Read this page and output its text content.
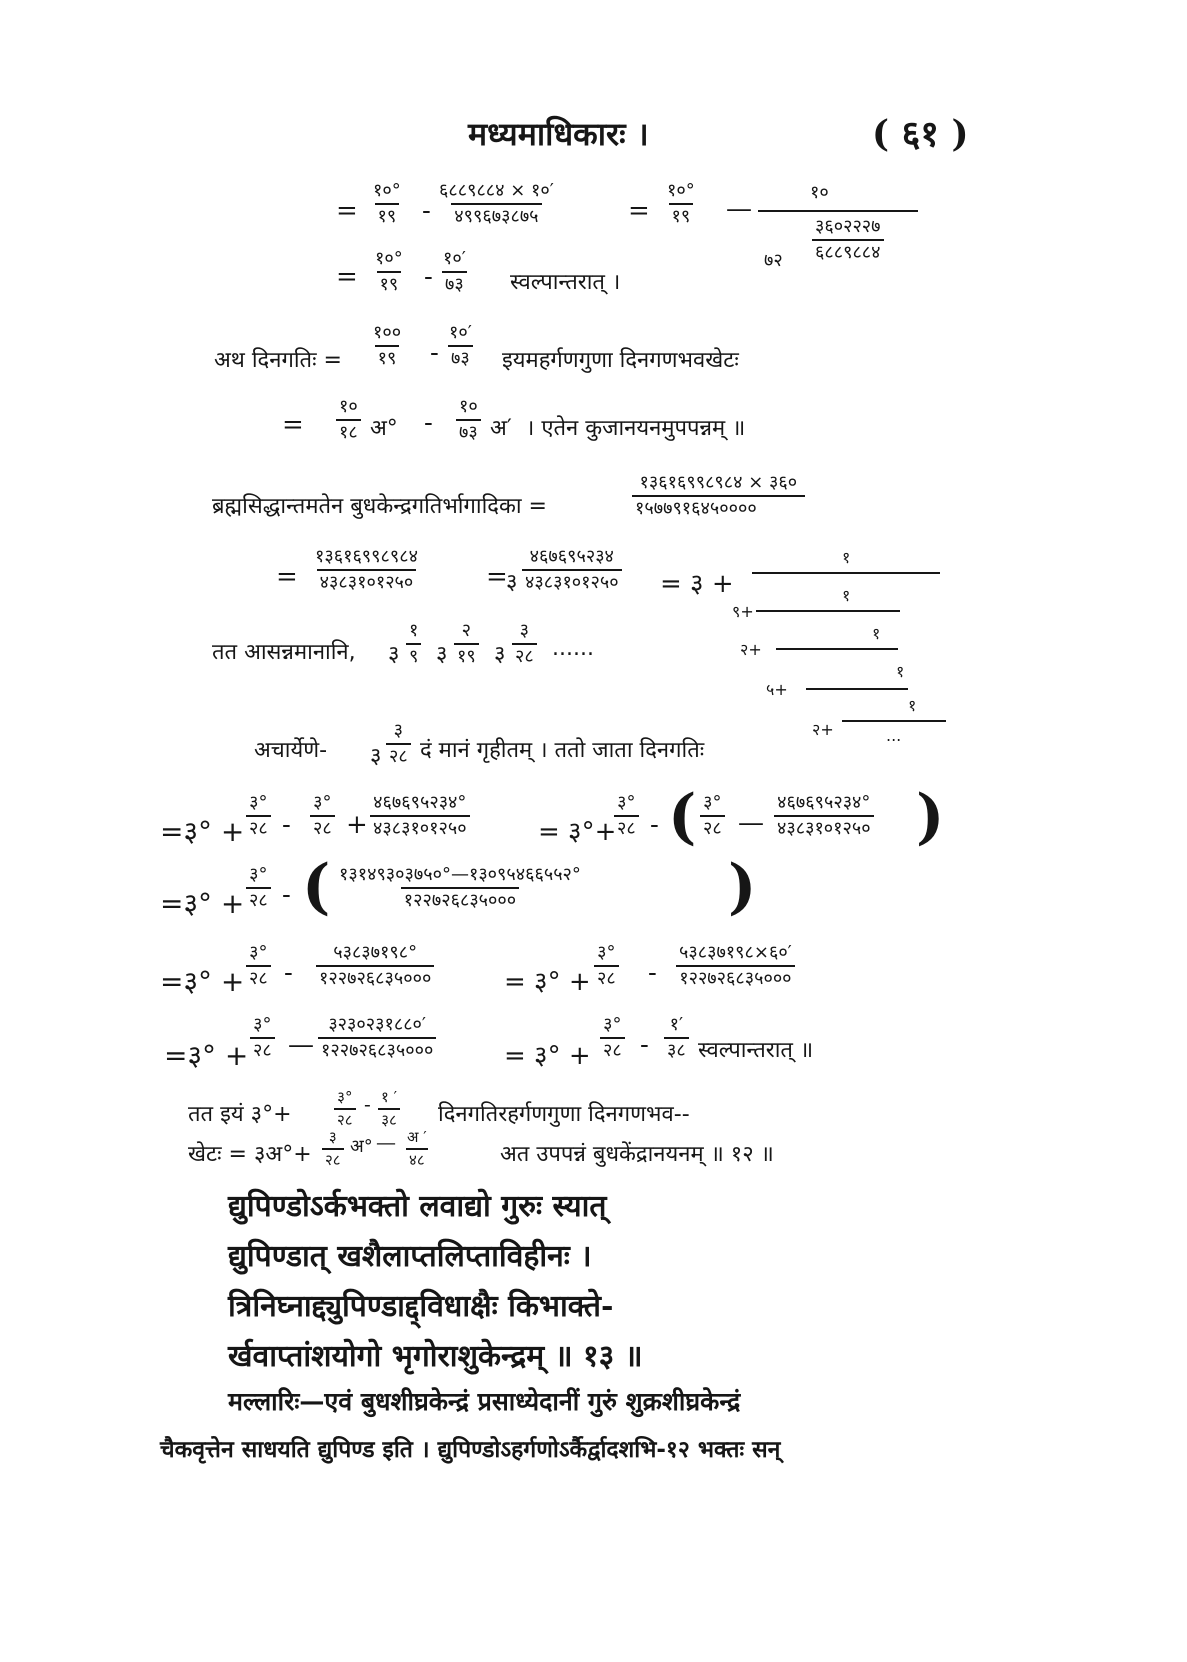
मध्यमाधिकारः ।	( ६१ )
=
१०°
१९ -
६८८९८८४ × १०′
४९९६७३८७५	=
१०°
१९ —
१०
७२
३६०२२२७
६८८९८८४
=
१०°
१९ -
१०′
७३ स्वल्पान्तरात् ।
अथ दिनगतिः =
१००
१९ -
१०′
७३ इयमहर्गणगुणा दिनगणभवखेटः
=
१०
१८ अ° -
१०
७३ अ′ । एतेन कुजानयनमुपपन्नम् ॥
ब्रह्मसिद्धान्तमतेन बुधकेन्द्रगतिर्भागादिका =
१३६१६९९८९८४ × ३६०
१५७७९१६४५००००
=
१३६१६९९८९८४
४३८३१०१२५०	=
३
४६७६९५२३४
४३८३१०१२५० = ३ +
१
९+
१
२+
१
५+
१
२+
१
...
तत आसन्नमानानि, ३
१
९ ३
२
१९ ३
३
२८ ......
अचार्येणे- ३
३
२८ दं मानं गृहीतम् । ततो जाता दिनगतिः
=३° +
३°
२८ -
३°
२८ +
४६७६९५२३४°
४३८३१०१२५०	= ३°+
३°
२८ - ( ३°
२८ —
४६७६९५२३४°
४३८३१०१२५० )
=३° +
३°
२८ - ( १३१४९३०३७५०°—१३०९५४६६५५२°
१२२७२६८३५०००	)
=३° +
३°
२८ -
५३८३७१९८°
१२२७२६८३५०००	= ३° +
३°
२८ -
५३८३७१९८×६०′
१२२७२६८३५०००
=३° +
३°
२८ —
३२३०२३१८८०′
१२२७२६८३५०००	= ३° +
३°
२८ -
१′
३८ स्वल्पान्तरात् ॥
तत इयं ३°+
३°
२८
- १ ′
३८ दिनगतिरहर्गणगुणा दिनगणभव--
खेटः = ३अ°+
३
२८
अ° — अ ′
४८	अत उपपन्नं बुधकेंद्रानयनम् ॥ १२ ॥
द्युपिण्डोऽर्कभक्तो लवाद्यो गुरुः स्यात्
द्युपिण्डात् खशैलाप्तलिप्ताविहीनः ।
त्रिनिघ्नाद्द्युपिण्डाद्द्विधाक्षैः किभाक्ते-
र्खवाप्तांशयोगो भृगोराशुकेन्द्रम् ॥ १३ ॥
मल्लारिः—एवं बुधशीघ्रकेन्द्रं प्रसाध्येदानीं गुरुं शुक्रशीघ्रकेन्द्रं
चैकवृत्तेन साधयति द्युपिण्ड इति । द्युपिण्डोऽहर्गणोऽर्कैर्द्वादशभि-१२ भक्तः सन्
